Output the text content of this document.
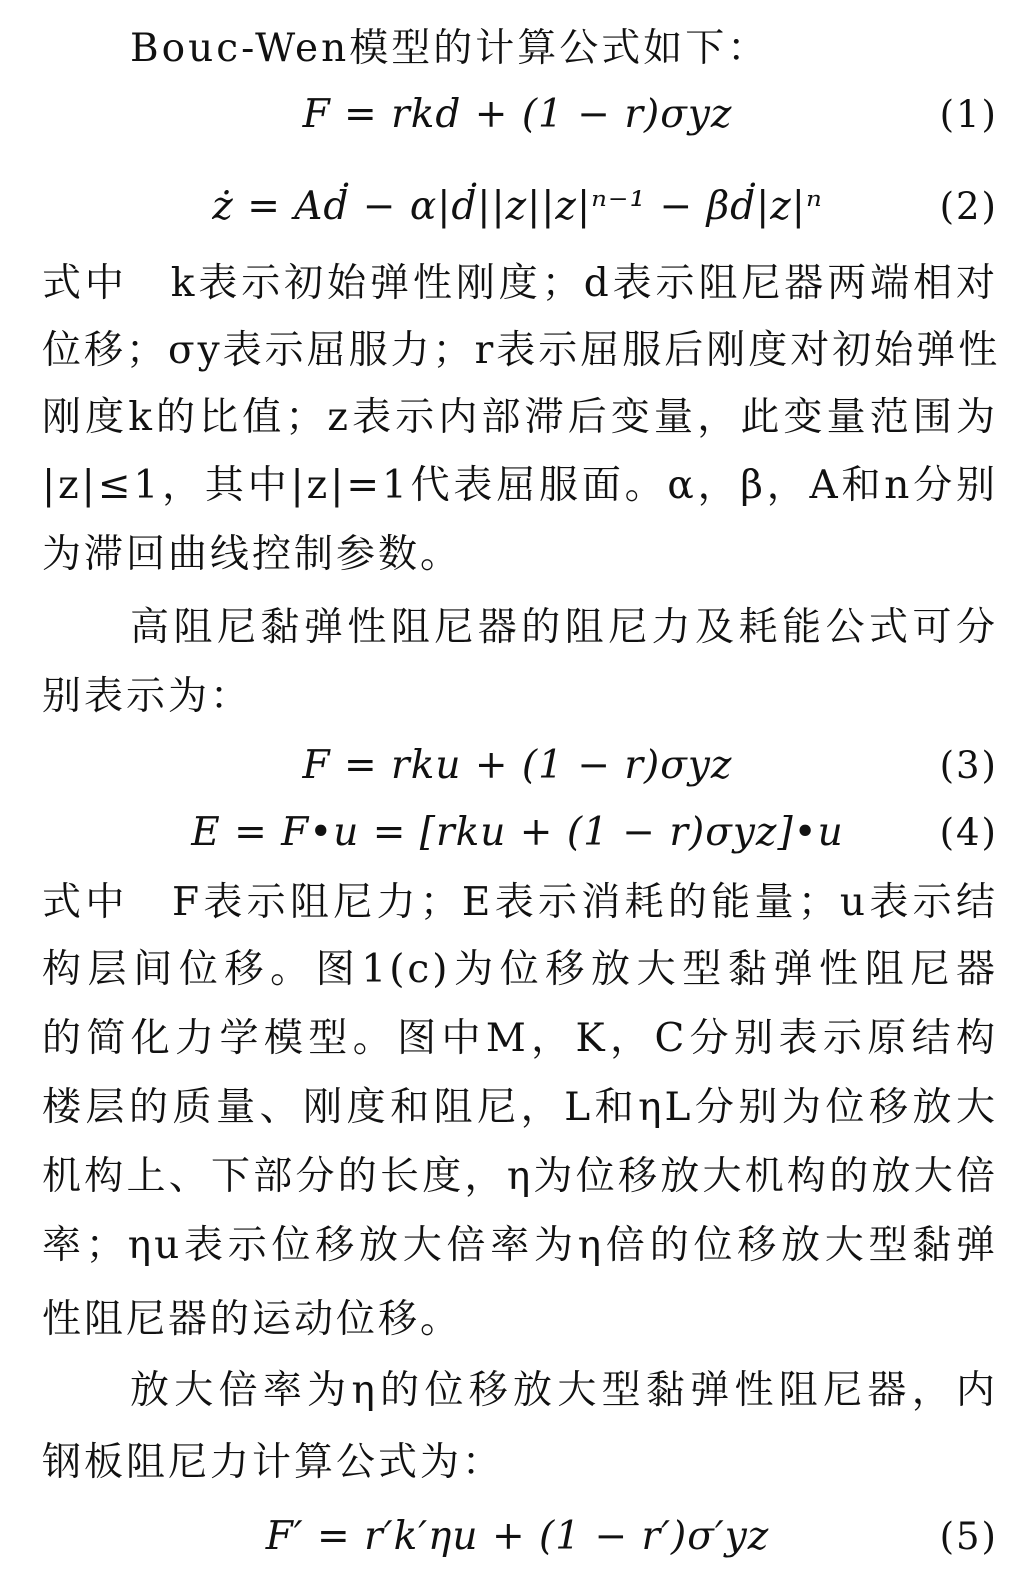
Bouc-Wen模型的计算公式如下：
F = rkd + (1 − r)σyz	(1)
ż = Aḋ − α|ḋ||z||z|ⁿ⁻¹ − βḋ|z|ⁿ	(2)
式中　k表示初始弹性刚度；d表示阻尼器两端相对
位移；σy表示屈服力；r表示屈服后刚度对初始弹性
刚度k的比值；z表示内部滞后变量，此变量范围为
|z|≤1，其中|z|=1代表屈服面。α，β，A和n分别
为滞回曲线控制参数。
高阻尼黏弹性阻尼器的阻尼力及耗能公式可分
别表示为：
F = rku + (1 − r)σyz	(3)
E = F•u = [rku + (1 − r)σyz]•u	(4)
式中　F表示阻尼力；E表示消耗的能量；u表示结
构层间位移。图1(c)为位移放大型黏弹性阻尼器
的简化力学模型。图中M，K，C分别表示原结构
楼层的质量、刚度和阻尼，L和ηL分别为位移放大
机构上、下部分的长度，η为位移放大机构的放大倍
率；ηu表示位移放大倍率为η倍的位移放大型黏弹
性阻尼器的运动位移。
放大倍率为η的位移放大型黏弹性阻尼器，内
钢板阻尼力计算公式为：
F′ = r′k′ηu + (1 − r′)σ′yz	(5)
